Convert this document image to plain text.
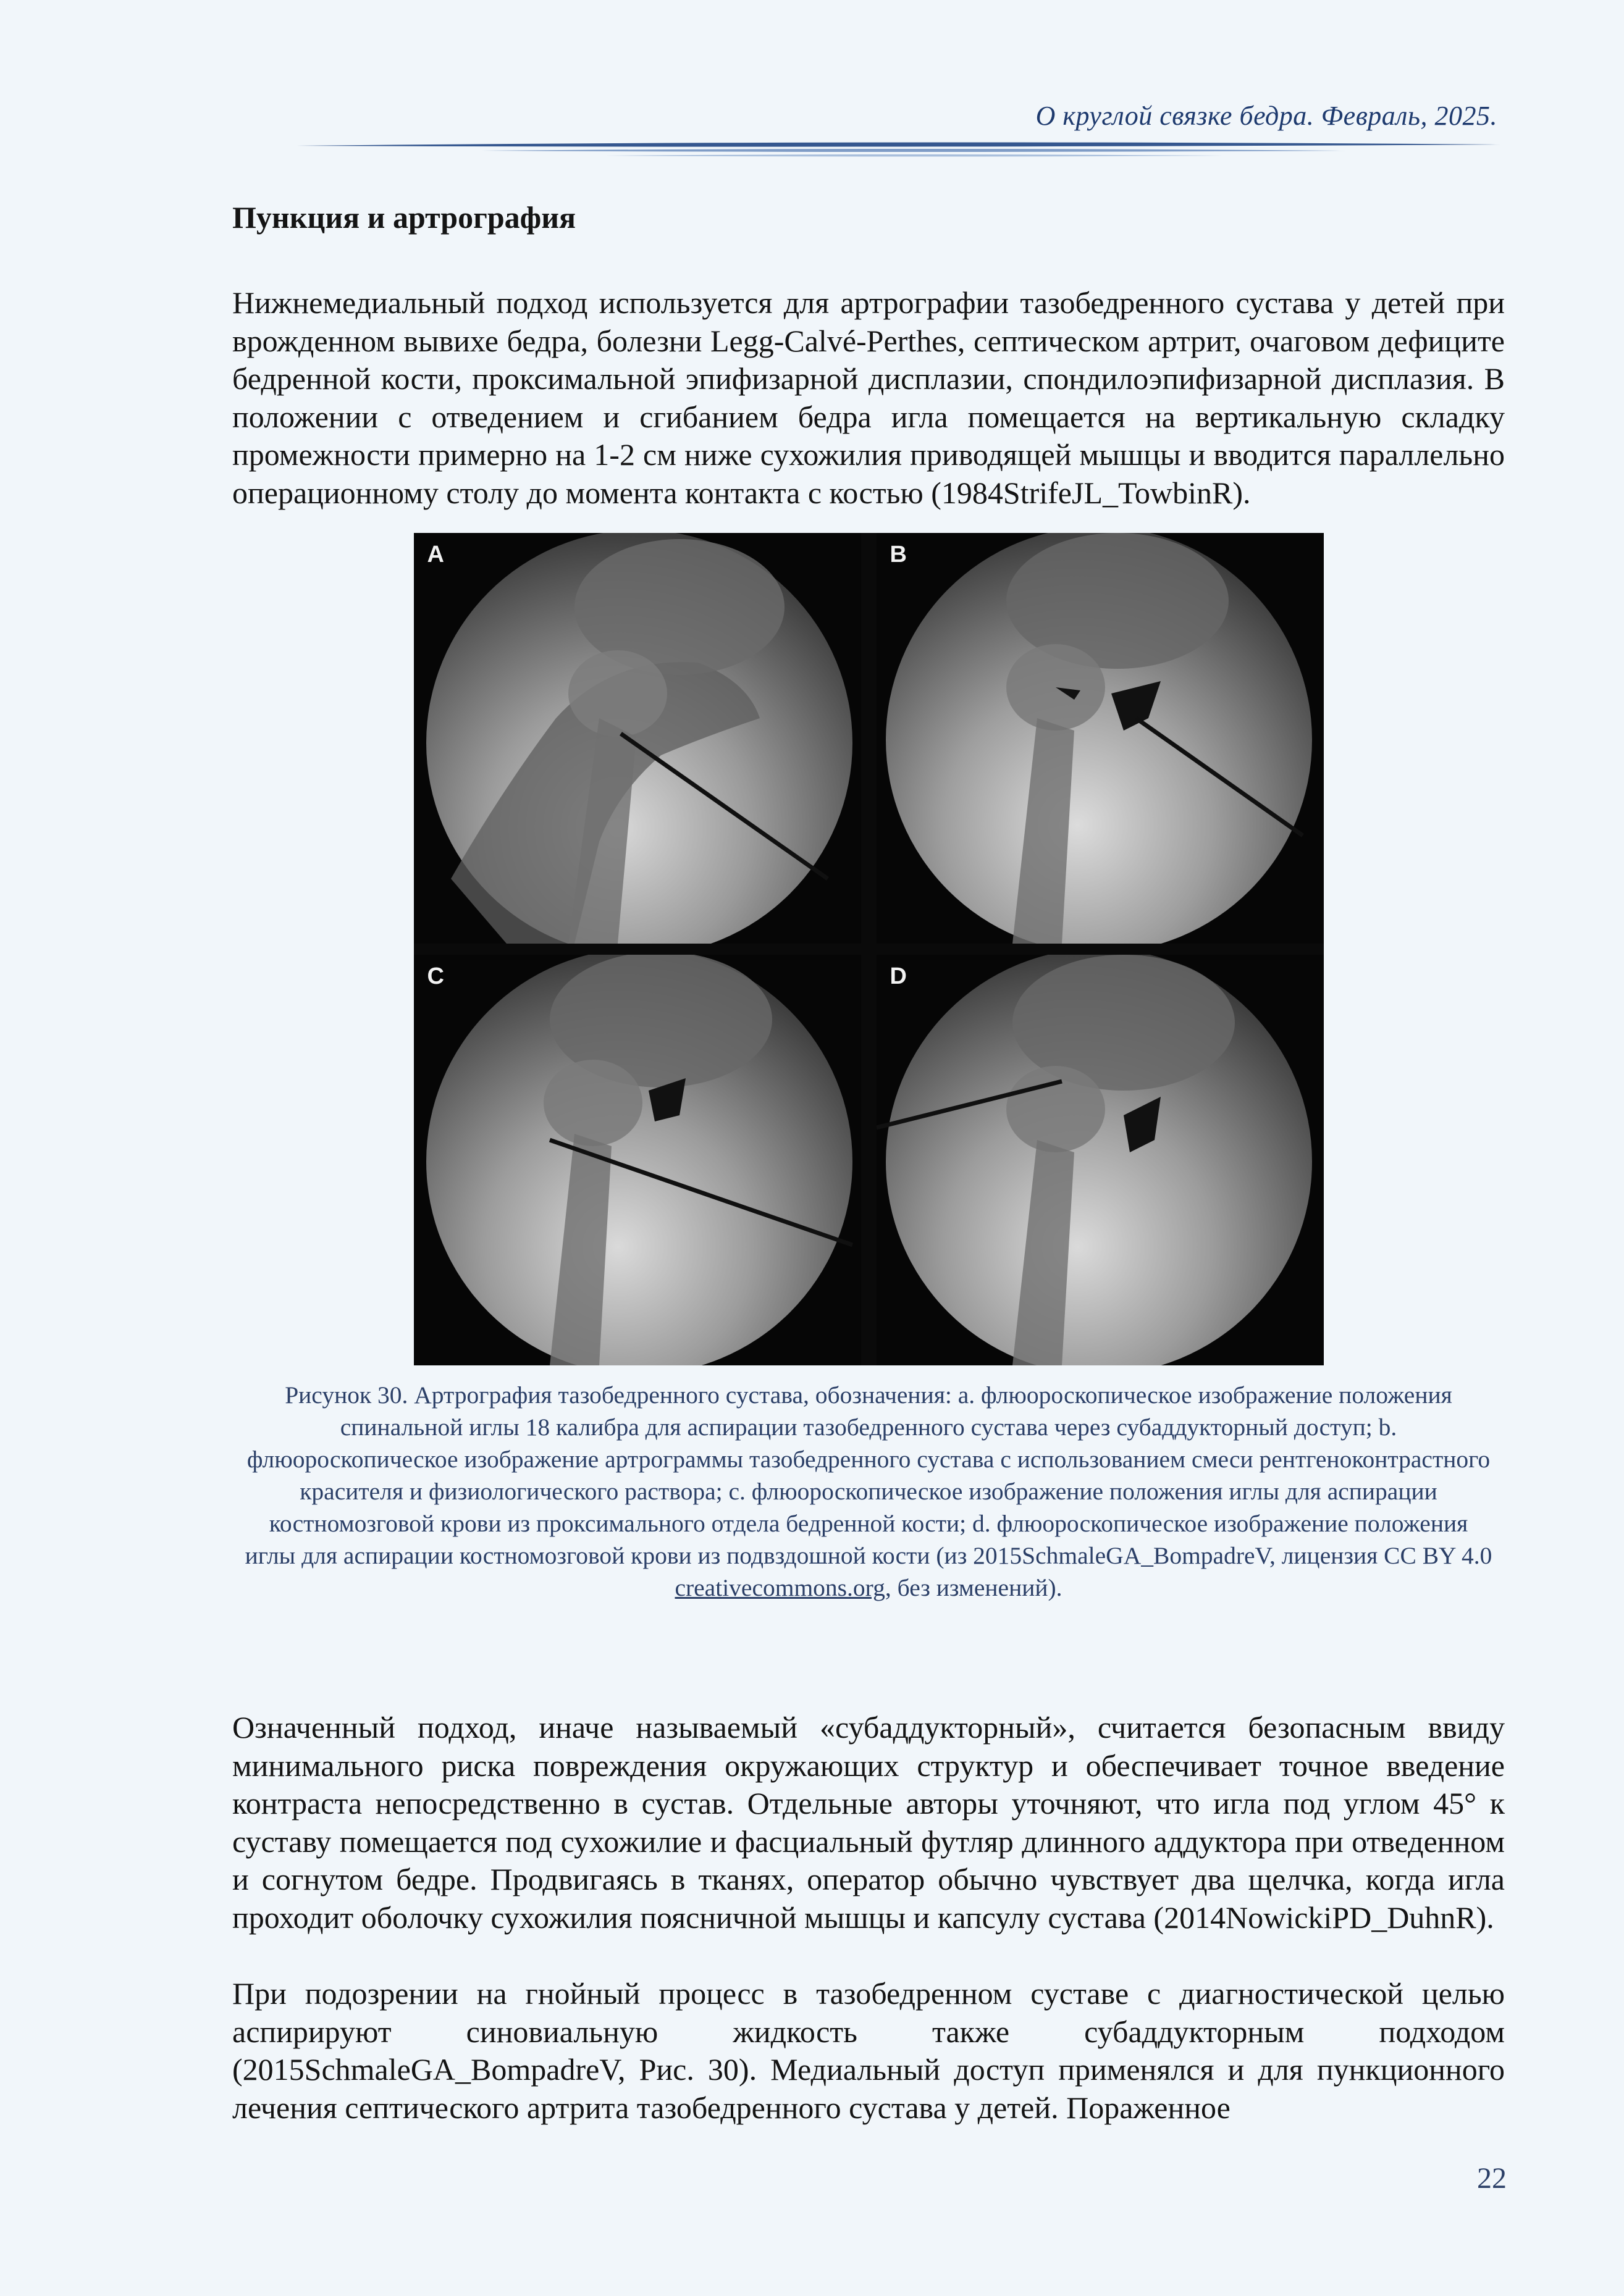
О круглой связке бедра. Февраль, 2025.
Пункция и артрография

Нижнемедиальный подход используется для артрографии тазобедренного сустава у детей при врожденном вывихе бедра, болезни Legg-Calvé-Perthes, септическом артрит, очаговом дефиците бедренной кости, проксимальной эпифизарной дисплазии, спондилоэпифизарной дисплазия. В положении с отведением и сгибанием бедра игла помещается на вертикальную складку промежности примерно на 1-2 см ниже сухожилия приводящей мышцы и вводится параллельно операционному столу до момента контакта с костью (1984StrifeJL_TowbinR).

A	B
C	D
Рисунок 30. Артрография тазобедренного сустава, обозначения: a. флюороскопическое изображение положения спинальной иглы 18 калибра для аспирации тазобедренного сустава через субаддукторный доступ; b. флюороскопическое изображение артрограммы тазобедренного сустава с использованием смеси рентгеноконтрастного красителя и физиологического раствора; c. флюороскопическое изображение положения иглы для аспирации костномозговой крови из проксимального отдела бедренной кости; d. флюороскопическое изображение положения иглы для аспирации костномозговой крови из подвздошной кости (из 2015SchmaleGA_BompadreV, лицензия CC BY 4.0 creativecommons.org, без изменений).

Означенный подход, иначе называемый «субаддукторный», считается безопасным ввиду минимального риска повреждения окружающих структур и обеспечивает точное введение контраста непосредственно в сустав. Отдельные авторы уточняют, что игла под углом 45° к суставу помещается под сухожилие и фасциальный футляр длинного аддуктора при отведенном и согнутом бедре. Продвигаясь в тканях, оператор обычно чувствует два щелчка, когда игла проходит оболочку сухожилия поясничной мышцы и капсулу сустава (2014NowickiPD_DuhnR).

При подозрении на гнойный процесс в тазобедренном суставе с диагностической целью аспирируют синовиальную жидкость также субаддукторным подходом (2015SchmaleGA_BompadreV, Рис. 30). Медиальный доступ применялся и для пункционного лечения септического артрита тазобедренного сустава у детей. Пораженное

22
